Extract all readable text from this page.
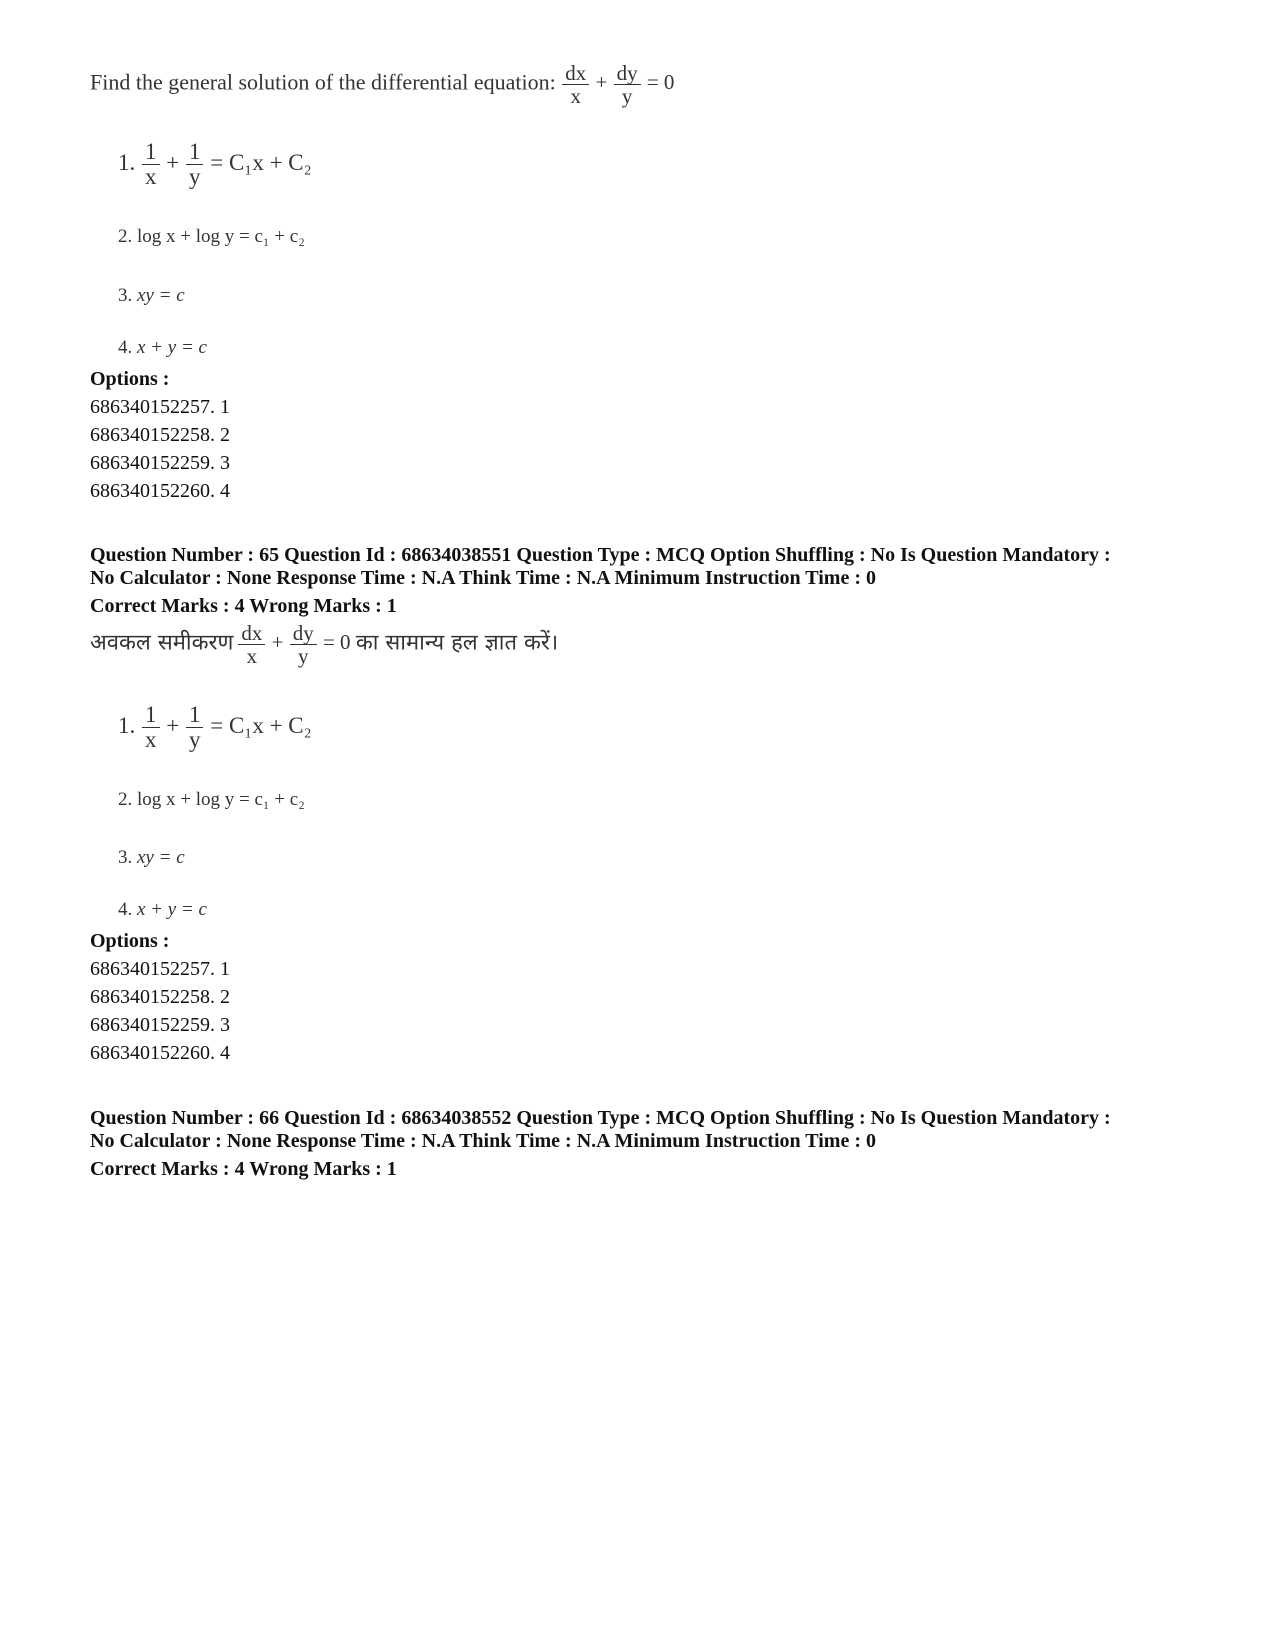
Find the general solution of the differential equation: $\frac{dx}{x} + \frac{dy}{y} = 0$
1. $\frac{1}{x} + \frac{1}{y} = C_1x + C_2$
2. log x + log y = c₁ + c₂
3. xy = c
4. x + y = c
Options :
686340152257. 1
686340152258. 2
686340152259. 3
686340152260. 4
Question Number : 65 Question Id : 68634038551 Question Type : MCQ Option Shuffling : No Is Question Mandatory :
No Calculator : None Response Time : N.A Think Time : N.A Minimum Instruction Time : 0
Correct Marks : 4 Wrong Marks : 1
अवकल समीकरण $\frac{dx}{x} + \frac{dy}{y} = 0$ का सामान्य हल ज्ञात करें।
1. $\frac{1}{x} + \frac{1}{y} = C_1x + C_2$
2. log x + log y = c₁ + c₂
3. xy = c
4. x + y = c
Options :
686340152257. 1
686340152258. 2
686340152259. 3
686340152260. 4
Question Number : 66 Question Id : 68634038552 Question Type : MCQ Option Shuffling : No Is Question Mandatory :
No Calculator : None Response Time : N.A Think Time : N.A Minimum Instruction Time : 0
Correct Marks : 4 Wrong Marks : 1
